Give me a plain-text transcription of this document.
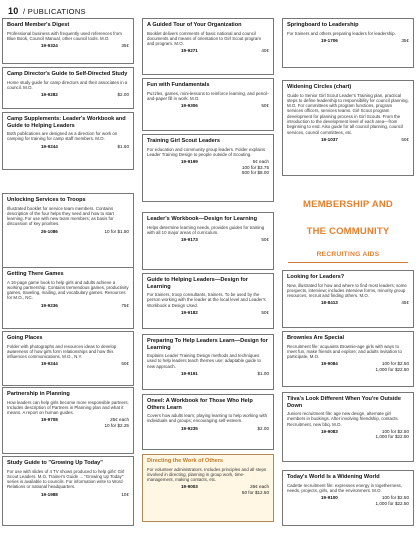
10 / PUBLICATIONS
Board Member's Digest
Professional business with frequently used references from Blue Book, Council Manual, other council tools. M.O.
19-9324	35¢
Camp Director's Guide to Self-Directed Study
Home study guide for camp directors and their associates in a council. M.O.
19-9282	$2.00
Camp Supplements: Leader's Workbook and Guide to Helping Leaders
Both publications are designed as a direction for work on camping for training for camp staff members. M.O.
19-9244	$1.60
Unlocking Services to Troops
Illustrated booklet for service team members. Contains description of the four helps they need and how to start learning. For use with new team members; as basis for discussion of key priorities.
26-1086	10 for $1.50
Getting There Games
A 16-page game book to help girls and adults achieve a working partnership. Contains tremendous games, productivity games, traveling, mailing, and vocabulary games. Resources for M.O., NC.
19-9236	75¢
Going Places
Folder with photographs and resources ideas to develop awareness of how girls form relationships and how this influences communications. M.O., N.Y.
19-9244	50¢
Partnership in Planning
How leaders can help girls become more responsible partners. Includes description of Partners in Planning plan and what it means. A report on human guides.
19-9708	25¢ each
10 for $2.25
Study Guide to "Growing Up Today"
For use with slides of 4 TV shows produced to help girls' Girl Scout Leaders. M.O. Trainer's Guide ... "Growing Up Today" series is available to councils. For information write to Word Relations or national headquarters.
19-1988	10¢
A Guided Tour of Your Organization
Booklet delivers comments of basic national and council documents and means of orientation to Girl Scout program and program. M.O.
19-9271	40¢
Fun with Fundamentals
Puzzles, games, mini-lessons to reinforce learning, and pencil-and-paper fill in work. M.O.
19-9306	50¢
Training Girl Scout Leaders
For education and community group leaders. Folder explains Leader Training Design to people outside of Scouting.
19-9199	5¢ each
100 for $3.75
500 for $8.00
Leader's Workbook—Design for Learning
Helps determine learning needs, provides guides for training with all 10 major areas of curriculum.
19-9173	50¢
Guide to Helping Leaders—Design for Learning
For trainers, troop consultants, trainers. To be used by the person working with the leader at the local level and Leader's Workbook a Design Used.
19-9182	50¢
Preparing To Help Leaders Learn—Design for Learning
Explains Leader Training Design methods and techniques used to help leaders teach themes use; adaptable guide to new approach.
19-9191	$1.00
Oneel: A Workbook for Those Who Help Others Learn
Covers how adults learn; playing learning to help working with individuals and groups; encouraging self-esteem.
19-9235	$2.00
Directing the Work of Others
For volunteer administrators. Includes principles and all steps involved in directing, planning in group work, time-management, making contacts, etc.
19-9003	25¢ each
50 for $12.50
Springboard to Leadership
For trainers and others preparing leaders for leadership.
19-1706	35¢
Widening Circles (chart)
Guide to Senior Girl Scout Leader's Training plan, practical steps to define leadership to responsibility for council planning. M.O. For committees with program functions, program services officers, services teams. Girl Scout program development for planning process in Girl Scouts. From the introduction to the development level of each area—from beginning to end. Also guide for all council planning, council services, council committees, etc.
19-1037	50¢
Looking for Leaders?
New, illustrated for how and where to find most leaders; some prospects, interview; includes interview forms, minority group resources, recruit and finding others. M.O.
18-8413	45¢
Brownies Are Special
Recruitment file: acquaints Brownie-age girls with ways to meet fun, make friends and explore; and adults invitation to participate, M.O.
19-9084	100 for $2.50
1,000 for $22.50
Tiiva's Look Different When You're Outside Down
Juniors recruitment file: age new design, alternate girl members in bookings. After involving friendship, contacts. Recruitment, new bbq. M.O.
19-9083	100 for $2.50
1,000 for $22.50
Today's World Is a Widening World
Cadette recruitment file: expresses energy in togetherness, needs, projects, girls, and the environment. M.O.
19-9100	100 for $2.50
1,000 for $22.50
MEMBERSHIP AND
THE COMMUNITY
RECRUITING AIDS
